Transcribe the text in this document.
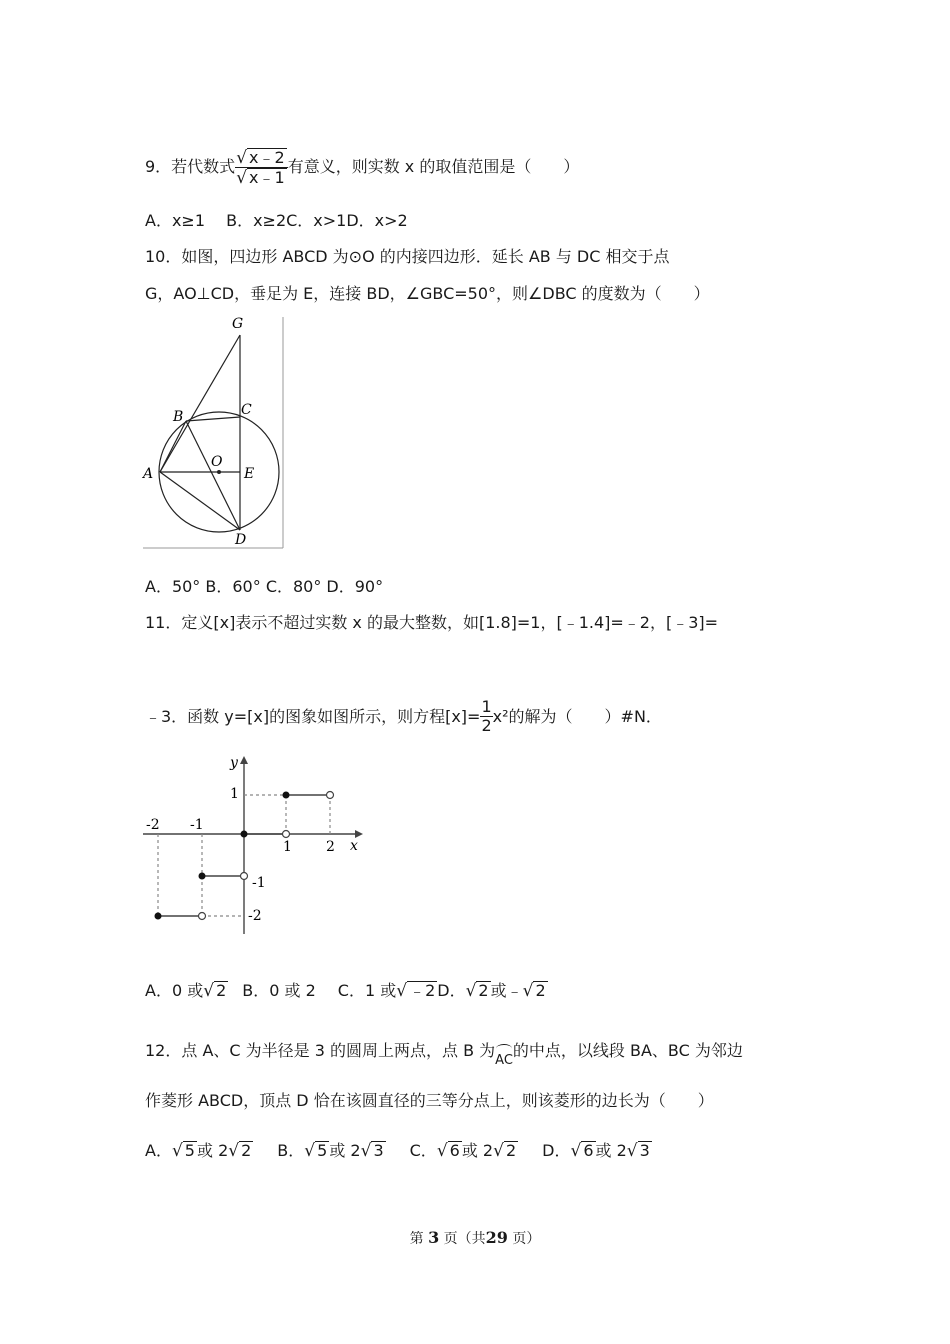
9．若代数式 $\frac{√ x﹣2}{√ x﹣1}$ 有意义，则实数 x 的取值范围是（　　）
A．x≥1　 B．x≥2C．x>1D．x>2
10．如图，四边形 ABCD 为⊙O 的内接四边形．延长 AB 与 DC 相交于点
G，AO⊥CD，垂足为 E，连接 BD，∠GBC=50°，则∠DBC 的度数为（　　）
G
B	C
A
O
E
D
A．50° B．60° C．80° D．90°
11．定义[x]表示不超过实数 x 的最大整数，如[1.8]=1，[﹣1.4]=﹣2，[﹣3]=
﹣3．函数 y=[x]的图象如图所示，则方程$[x]= \frac{1}{2} x^2$的解为（　　）#N．
y
x
-2 -1
1 2
1
-1
-2
A．0 或√ 2 B．0 或 2 C．1 或√ ﹣2 D．√ 2 或﹣√ 2
12．点 A、C 为半径是 3 的圆周上两点，点 B 为AC的中点，以线段 BA、BC 为邻边
作菱形 ABCD，顶点 D 恰在该圆直径的三等分点上，则该菱形的边长为（　　）
A．√ 5 或 2√ 2 B．√ 5 或 2√ 3 C．√ 6 或 2√ 2 D．√ 6 或 2√ 3
第 3 页（共29 页）
